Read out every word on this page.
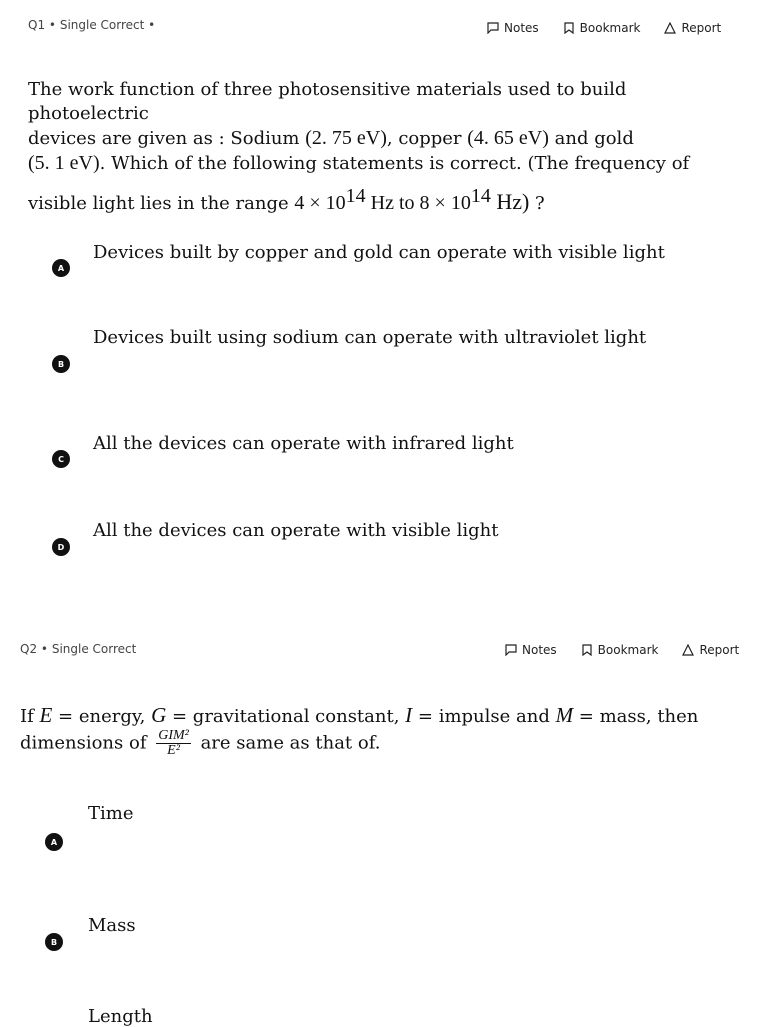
Q1 • Single Correct •	Notes	Bookmark	Report
The work function of three photosensitive materials used to build photoelectric
devices are given as : Sodium (2. 75 eV), copper (4. 65 eV) and gold
(5. 1 eV). Which of the following statements is correct. (The frequency of
visible light lies in the range $4 \times 10^{14}$ Hz to $8 \times 10^{14}$ Hz) ?
Devices built by copper and gold can operate with visible light
A
Devices built using sodium can operate with ultraviolet light
B
All the devices can operate with infrared light
C
All the devices can operate with visible light
D
Q2 • Single Correct	Notes	Bookmark	Report
If E = energy, G = gravitational constant, I = impulse and M = mass, then
dimensions of $\frac{\text{GIM²}}{\text{E²}}$ are same as that of.
Time
A
Mass
B
Length
